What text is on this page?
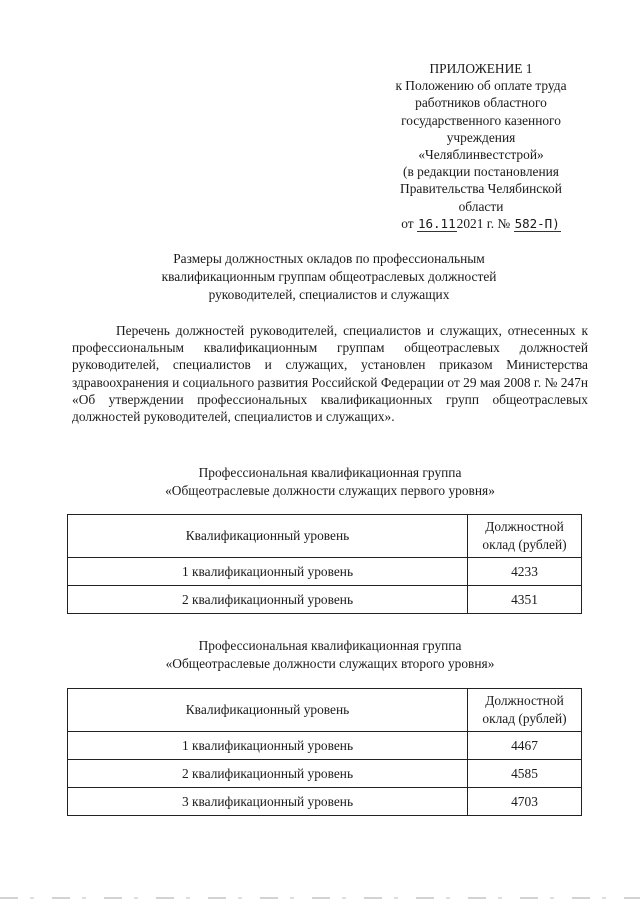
ПРИЛОЖЕНИЕ 1
к Положению об оплате труда
работников областного
государственного казенного
учреждения
«Челяблинвестстрой»
(в редакции постановления
Правительства Челябинской
области
от 16.112021 г. № 582-П)
Размеры должностных окладов по профессиональным
квалификационным группам общеотраслевых должностей
руководителей, специалистов и служащих

Перечень должностей руководителей, специалистов и служащих, отнесенных к профессиональным квалификационным группам общеотраслевых должностей руководителей, специалистов и служащих, установлен приказом Министерства здравоохранения и социального развития Российской Федерации от 29 мая 2008 г. № 247н «Об утверждении профессиональных квалификационных групп общеотраслевых должностей руководителей, специалистов и служащих».

Профессиональная квалификационная группа
«Общеотраслевые должности служащих первого уровня»
Квалификационный уровень	Должностной
оклад (рублей)
1 квалификационный уровень	4233
2 квалификационный уровень	4351
Профессиональная квалификационная группа
«Общеотраслевые должности служащих второго уровня»
Квалификационный уровень	Должностной
оклад (рублей)
1 квалификационный уровень	4467
2 квалификационный уровень	4585
3 квалификационный уровень	4703
